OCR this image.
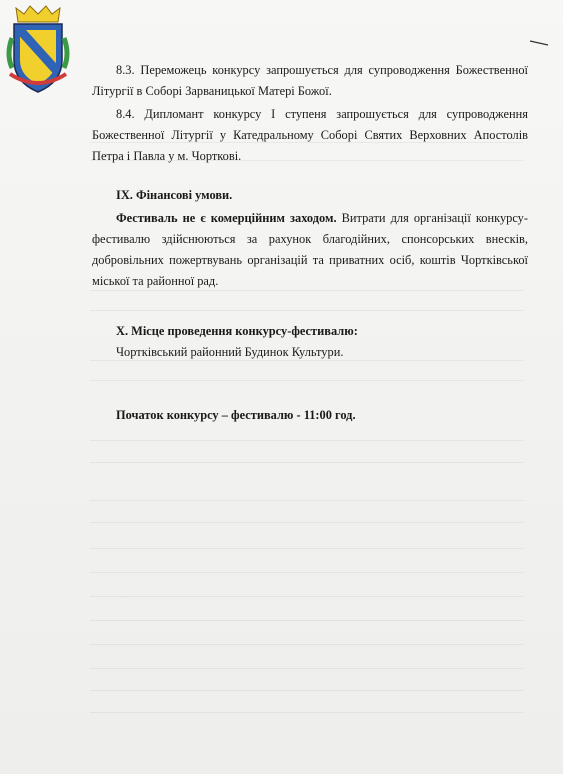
8.3. Переможець конкурсу запрошується для супроводження Божественної Літургії в Соборі Зарваницької Матері Божої.

8.4. Дипломант конкурсу I ступеня запрошується для супроводження Божественної Літургії у Катедральному Соборі Святих Верховних Апостолів Петра і Павла у м. Чорткові.

IX. Фінансові умови.

Фестиваль не є комерційним заходом. Витрати для організації конкурсу-фестивалю здійснюються за рахунок благодійних, спонсорських внесків, добровільних пожертвувань організацій та приватних осіб, коштів Чортківської міської та районної рад.

X. Місце проведення конкурсу-фестивалю:
Чортківський районний Будинок Культури.
Початок конкурсу – фестивалю - 11:00 год.
